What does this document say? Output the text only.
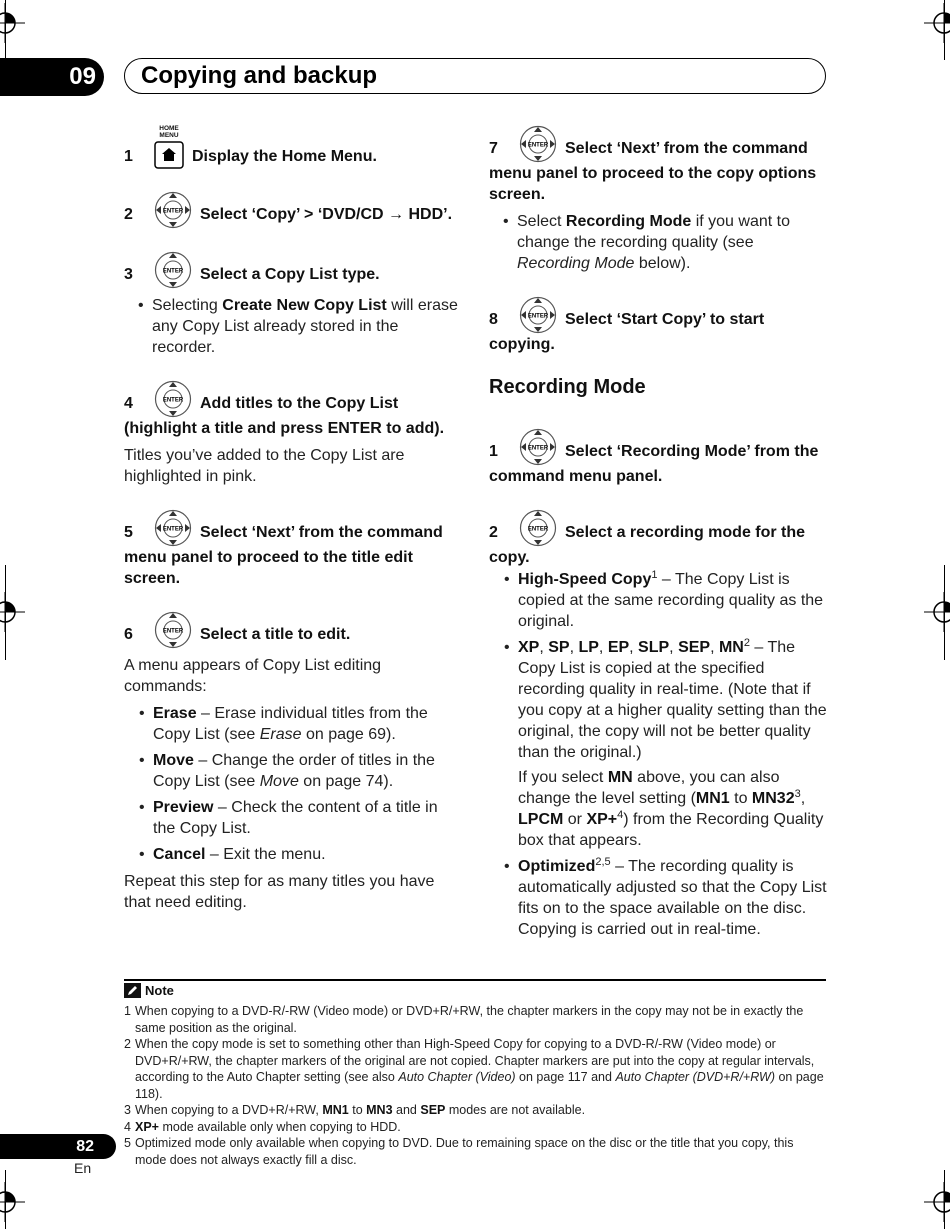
09	Copying and backup
1
HOME
MENU
Display the Home Menu.
2	ENTER Select ‘Copy’ > ‘DVD/CD → HDD’.
3	ENTER Select a Copy List type.
• Selecting Create New Copy List will erase any Copy List already stored in the recorder.
4	ENTER Add titles to the Copy List (highlight a title and press ENTER to add).
Titles you’ve added to the Copy List are highlighted in pink.
5	ENTER Select ‘Next’ from the command menu panel to proceed to the title edit screen.
6	ENTER Select a title to edit.
A menu appears of Copy List editing commands:
• Erase – Erase individual titles from the Copy List (see Erase on page 69).
• Move – Change the order of titles in the Copy List (see Move on page 74).
• Preview – Check the content of a title in the Copy List.
• Cancel – Exit the menu.
Repeat this step for as many titles you have that need editing.
7	ENTER Select ‘Next’ from the command menu panel to proceed to the copy options screen.
• Select Recording Mode if you want to change the recording quality (see Recording Mode below).
8	ENTER Select ‘Start Copy’ to start copying.
Recording Mode
1	ENTER Select ‘Recording Mode’ from the command menu panel.
2	ENTER Select a recording mode for the copy.
• High-Speed Copy$^1$ – The Copy List is copied at the same recording quality as the original.
• XP, SP, LP, EP, SLP, SEP, $MN^2$ – The Copy List is copied at the specified recording quality in real-time. (Note that if you copy at a higher quality setting than the original, the copy will not be better quality than the original.)
If you select MN above, you can also change the level setting (MN1 to $MN32^3$, LPCM or XP+$^4$) from the Recording Quality box that appears.
• Optimized$^{2,5}$ – The recording quality is automatically adjusted so that the Copy List fits on to the space available on the disc. Copying is carried out in real-time.
Note
1 When copying to a DVD-R/-RW (Video mode) or DVD+R/+RW, the chapter markers in the copy may not be in exactly the same position as the original.
2 When the copy mode is set to something other than High-Speed Copy for copying to a DVD-R/-RW (Video mode) or DVD+R/+RW, the chapter markers of the original are not copied. Chapter markers are put into the copy at regular intervals, according to the Auto Chapter setting (see also Auto Chapter (Video) on page 117 and Auto Chapter (DVD+R/+RW) on page 118).
3 When copying to a DVD+R/+RW, MN1 to MN3 and SEP modes are not available.
4 XP+ mode available only when copying to HDD.
5 Optimized mode only available when copying to DVD. Due to remaining space on the disc or the title that you copy, this mode does not always exactly fill a disc.
82
En
